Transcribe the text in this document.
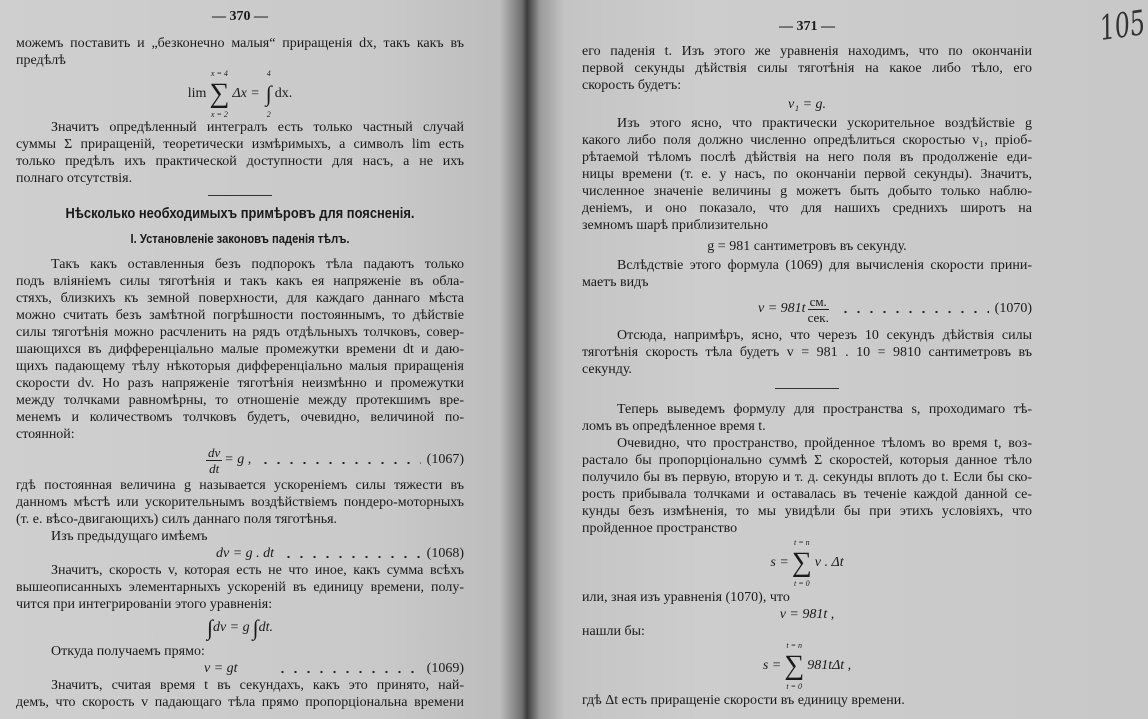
— 370 —
можемъ поставить и „безконечно малыя“ приращенія dx, такъ какъ въ
предѣлѣ
lim
x = 4
∑
x = 2
Δx =
4
∫
2
dx.
Значитъ опредѣленный интегралъ есть только частный случай
суммы Σ приращеній, теоретически измѣримыхъ, а символъ lim есть
только предѣлъ ихъ практической доступности для насъ, а не ихъ
полнаго отсутствія.
Нѣсколько необходимыхъ примѣровъ для поясненія.
I. Установленіе законовъ паденія тѣлъ.
Такъ какъ оставленныя безъ подпорокъ тѣла падаютъ только
подъ вліяніемъ силы тяготѣнія и такъ какъ ея напряженіе въ обла-
стяхъ, близкихъ къ земной поверхности, для каждаго даннаго мѣста
можно считать безъ замѣтной погрѣшности постояннымъ, то дѣйствіе
силы тяготѣнія можно расчленить на рядъ отдѣльныхъ толчковъ, совер-
шающихся въ дифференціально малые промежутки времени dt и даю-
щихъ падающему тѣлу нѣкоторыя дифференціально малыя приращенія
скорости dv. Но разъ напряженіе тяготѣнія неизмѣнно и промежутки
между толчками равномѣрны, то отношеніе между протекшимъ вре-
менемъ и количествомъ толчковъ будетъ, очевидно, величиной по-
стоянной:
$\frac{dv}{dt} = g$ ,	(1067)
гдѣ постоянная величина g называется ускореніемъ силы тяжести въ
данномъ мѣстѣ или ускорительнымъ воздѣйствіемъ пондеро-моторныхъ
(т. е. вѣсо-двигающихъ) силъ даннаго поля тяготѣнья.
Изъ предыдущаго имѣемъ
dv = g . dt	(1068)
Значитъ, скорость v, которая есть не что иное, какъ сумма всѣхъ
вышеописанныхъ элементарныхъ ускореній въ единицу времени, полу-
чится при интегрированіи этого уравненія:
∫ dv = g ∫ dt.
Откуда получаемъ прямо:
v = gt	(1069)
Значитъ, считая время t въ секундахъ, какъ это принято, най-
демъ, что скорость v падающаго тѣла прямо пропорціональна времени
— 371 —
его паденія t. Изъ этого же уравненія находимъ, что по окончаніи
первой секунды дѣйствія силы тяготѣнія на какое либо тѣло, его
скорость будетъ:
v₁ = g.
Изъ этого ясно, что практически ускорительное воздѣйствіе g
какого либо поля должно численно опредѣлиться скоростью v₁, пріоб-
рѣтаемой тѣломъ послѣ дѣйствія на него поля въ продолженіе еди-
ницы времени (т. е. у насъ, по окончаніи первой секунды). Значитъ,
численное значеніе величины g можетъ быть добыто только наблю-
деніемъ, и оно показало, что для нашихъ среднихъ широтъ на
земномъ шарѣ приблизительно
g = 981 сантиметровъ въ секунду.
Вслѣдствіе этого формула (1069) для вычисленія скорости прини-
маетъ видъ
$v = 981t \frac{см.}{\text{сек.}}$	(1070)
Отсюда, напримѣръ, ясно, что черезъ 10 секундъ дѣйствія силы
тяготѣнія скорость тѣла будетъ v = 981 . 10 = 9810 сантиметровъ въ
секунду.
Теперь выведемъ формулу для пространства s, проходимаго тѣ-
ломъ въ опредѣленное время t.
Очевидно, что пространство, пройденное тѣломъ во время t, воз-
растало бы пропорціонально суммѣ Σ скоростей, которыя данное тѣло
получило бы въ первую, вторую и т. д. секунды вплоть до t. Если бы ско-
рость прибывала толчками и оставалась въ теченіе каждой данной се-
кунды безъ измѣненія, то мы увидѣли бы при этихъ условіяхъ, что
пройденное пространство
s =
t = n
∑
t = 0
v . Δt
или, зная изъ уравненія (1070), что
v = 981t ,
нашли бы:
s =
t = n
∑
t = 0
981tΔt ,
гдѣ Δt есть приращеніе скорости въ единицу времени.
105
